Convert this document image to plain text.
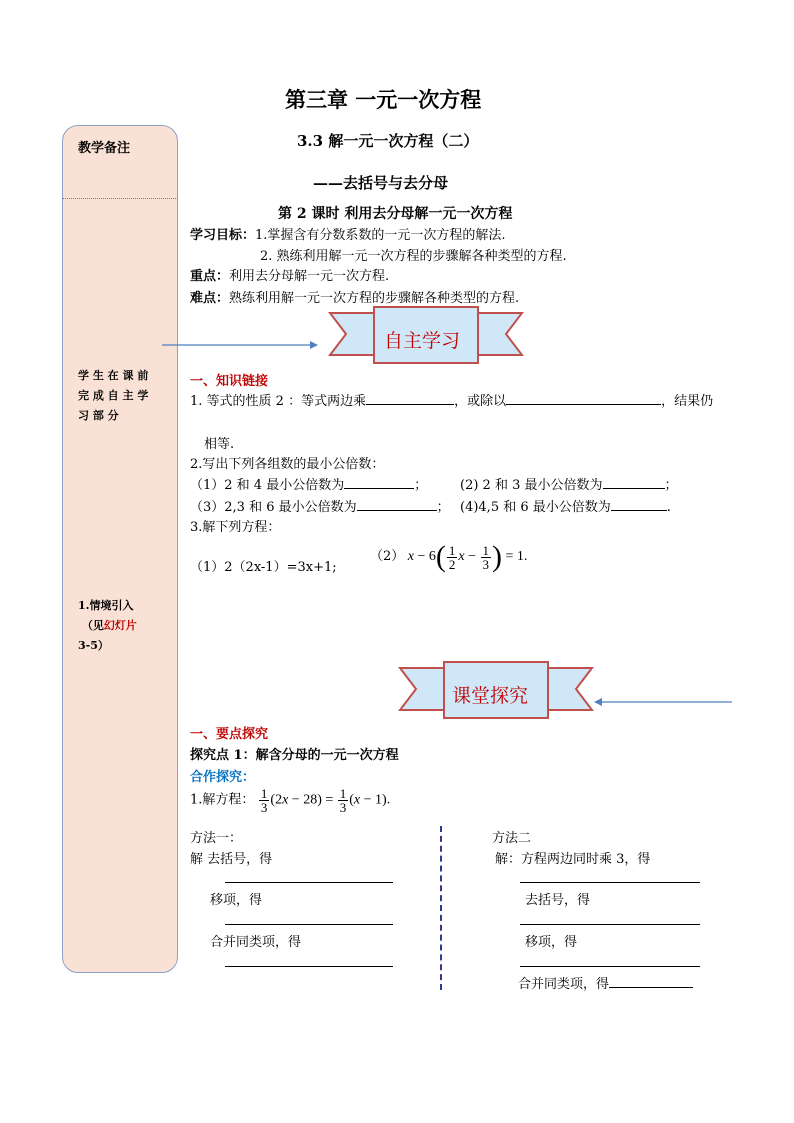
教学备注
学 生 在 课 前
完 成 自 主 学
习 部 分
1.情境引入
（见幻灯片
3-5）
第三章 一元一次方程
3.3 解一元一次方程（二）
——去括号与去分母
第 2 课时 利用去分母解一元一次方程
学习目标：1.掌握含有分数系数的一元一次方程的解法.
2. 熟练利用解一元一次方程的步骤解各种类型的方程.
重点：利用去分母解一元一次方程.
难点：熟练利用解一元一次方程的步骤解各种类型的方程.
自主学习
一、知识链接
1. 等式的性质 2 ：等式两边乘	，或除以	，结果仍
相等.
2.写出下列各组数的最小公倍数：
（1）2 和 4 最小公倍数为	；	(2) 2 和 3 最小公倍数为	；
（3）2,3 和 6 最小公倍数为	； (4)4,5 和 6 最小公倍数为	.
3.解下列方程：
（1）2（2x-1）=3x+1;
（2） $x - 6( \frac{1}{2}$ $x - \frac{1}{3}$ ) = 1.
课堂探究
一、要点探究
探究点 1：解含分母的一元一次方程
合作探究：
1.解方程： $\frac{1}{3} (2x - 28) = \frac{1}{3} (x - 1)$.
方法一：
解 去括号，得
移项，得
合并同类项，得
方法二
解：方程两边同时乘 3，得
去括号，得
移项，得
合并同类项，得
